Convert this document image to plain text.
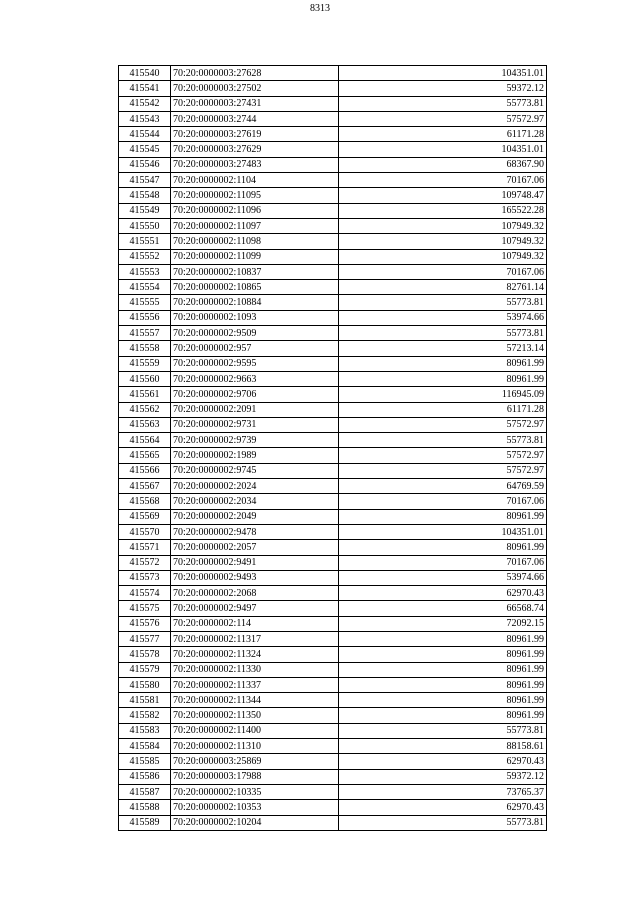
8313
415540	70:20:0000003:27628	104351.01
415541	70:20:0000003:27502	59372.12
415542	70:20:0000003:27431	55773.81
415543	70:20:0000003:2744	57572.97
415544	70:20:0000003:27619	61171.28
415545	70:20:0000003:27629	104351.01
415546	70:20:0000003:27483	68367.90
415547	70:20:0000002:1104	70167.06
415548	70:20:0000002:11095	109748.47
415549	70:20:0000002:11096	165522.28
415550	70:20:0000002:11097	107949.32
415551	70:20:0000002:11098	107949.32
415552	70:20:0000002:11099	107949.32
415553	70:20:0000002:10837	70167.06
415554	70:20:0000002:10865	82761.14
415555	70:20:0000002:10884	55773.81
415556	70:20:0000002:1093	53974.66
415557	70:20:0000002:9509	55773.81
415558	70:20:0000002:957	57213.14
415559	70:20:0000002:9595	80961.99
415560	70:20:0000002:9663	80961.99
415561	70:20:0000002:9706	116945.09
415562	70:20:0000002:2091	61171.28
415563	70:20:0000002:9731	57572.97
415564	70:20:0000002:9739	55773.81
415565	70:20:0000002:1989	57572.97
415566	70:20:0000002:9745	57572.97
415567	70:20:0000002:2024	64769.59
415568	70:20:0000002:2034	70167.06
415569	70:20:0000002:2049	80961.99
415570	70:20:0000002:9478	104351.01
415571	70:20:0000002:2057	80961.99
415572	70:20:0000002:9491	70167.06
415573	70:20:0000002:9493	53974.66
415574	70:20:0000002:2068	62970.43
415575	70:20:0000002:9497	66568.74
415576	70:20:0000002:114	72092.15
415577	70:20:0000002:11317	80961.99
415578	70:20:0000002:11324	80961.99
415579	70:20:0000002:11330	80961.99
415580	70:20:0000002:11337	80961.99
415581	70:20:0000002:11344	80961.99
415582	70:20:0000002:11350	80961.99
415583	70:20:0000002:11400	55773.81
415584	70:20:0000002:11310	88158.61
415585	70:20:0000003:25869	62970.43
415586	70:20:0000003:17988	59372.12
415587	70:20:0000002:10335	73765.37
415588	70:20:0000002:10353	62970.43
415589	70:20:0000002:10204	55773.81
